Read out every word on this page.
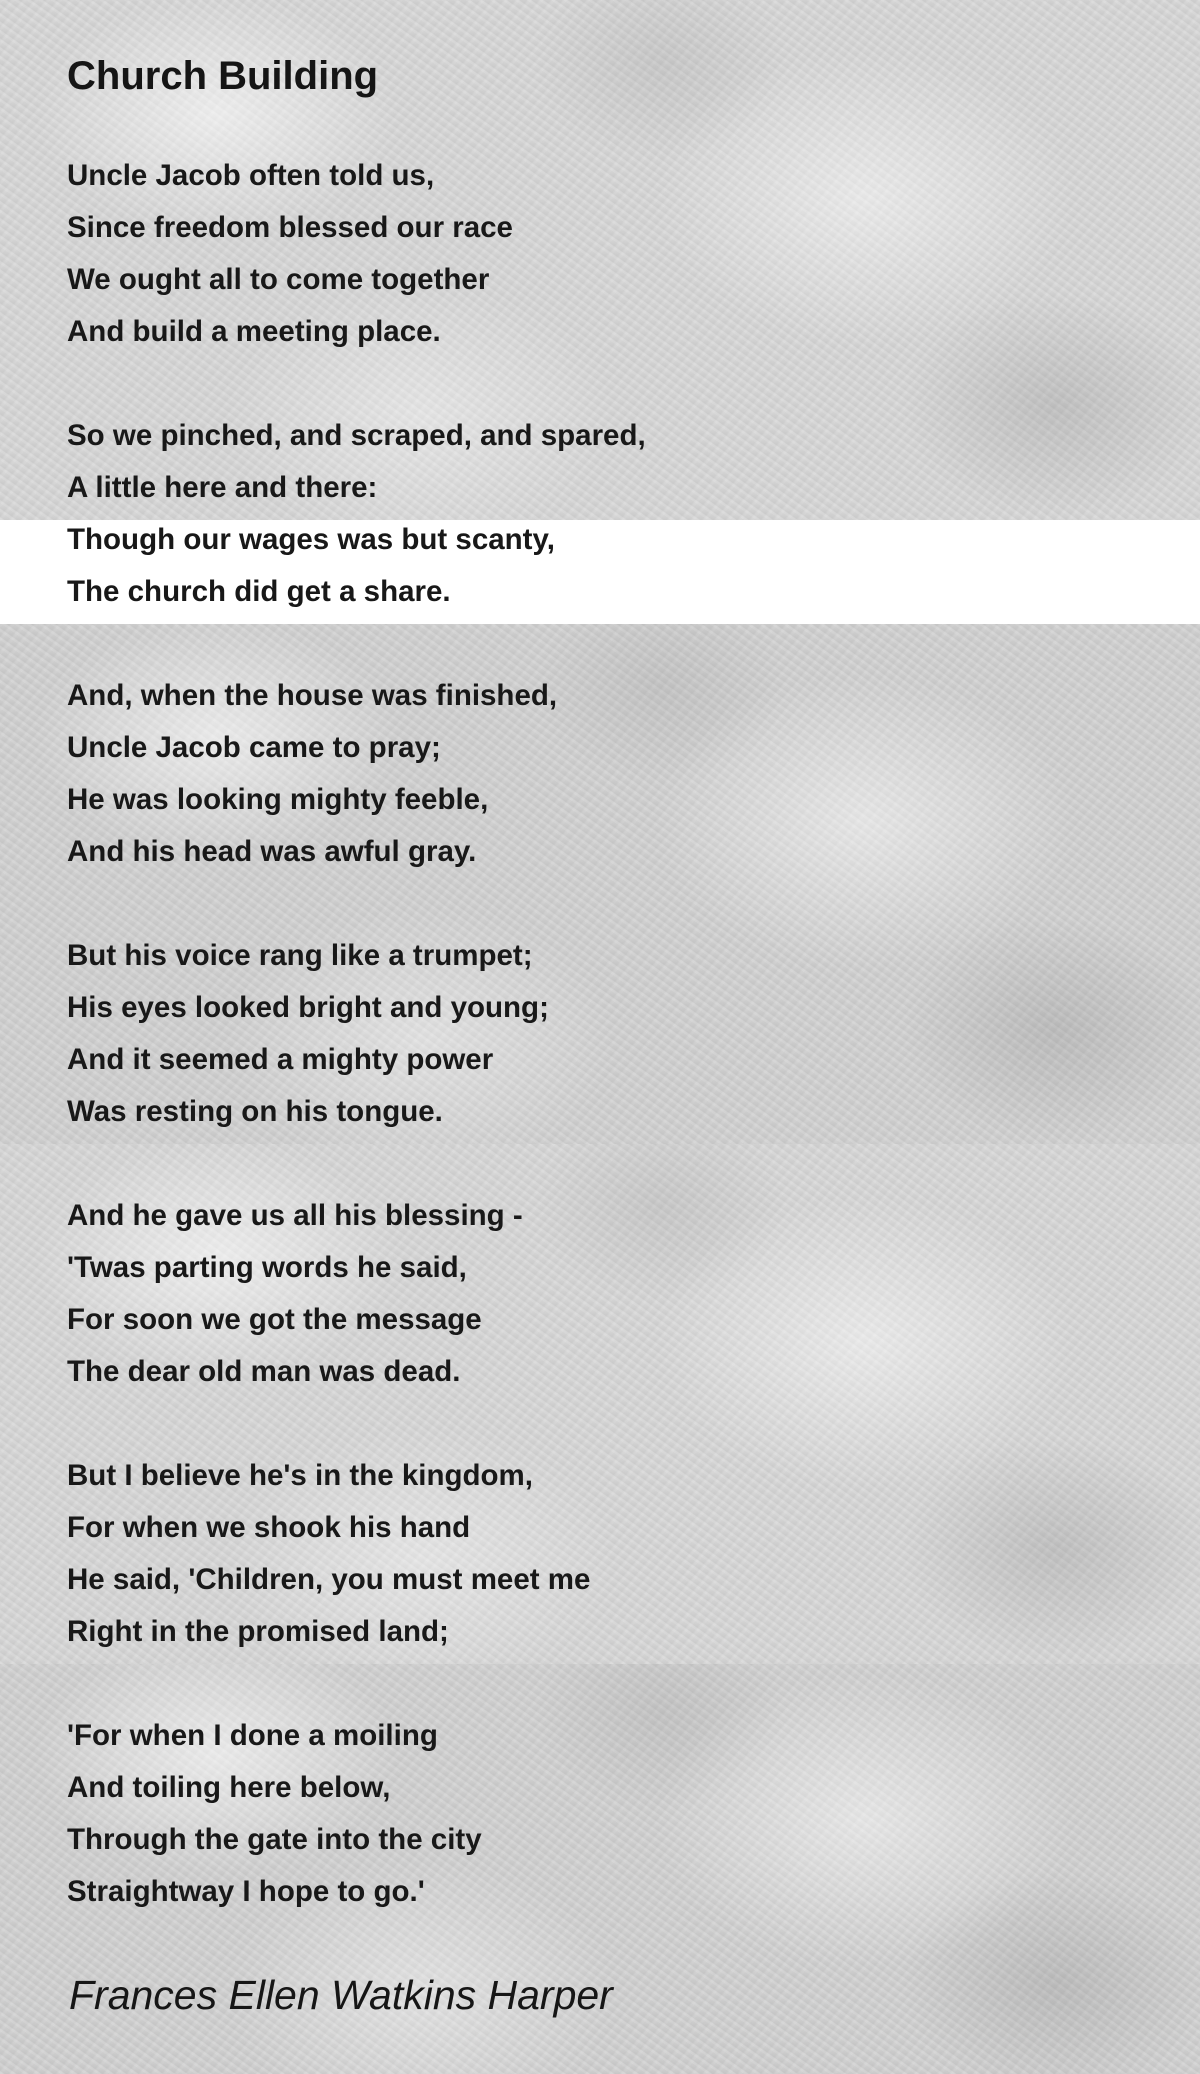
Church Building
Uncle Jacob often told us,
Since freedom blessed our race
We ought all to come together
And build a meeting place.
So we pinched, and scraped, and spared,
A little here and there:
Though our wages was but scanty,
The church did get a share.
And, when the house was finished,
Uncle Jacob came to pray;
He was looking mighty feeble,
And his head was awful gray.
But his voice rang like a trumpet;
His eyes looked bright and young;
And it seemed a mighty power
Was resting on his tongue.
And he gave us all his blessing -
'Twas parting words he said,
For soon we got the message
The dear old man was dead.
But I believe he's in the kingdom,
For when we shook his hand
He said, 'Children, you must meet me
Right in the promised land;
'For when I done a moiling
And toiling here below,
Through the gate into the city
Straightway I hope to go.'

Frances Ellen Watkins Harper
